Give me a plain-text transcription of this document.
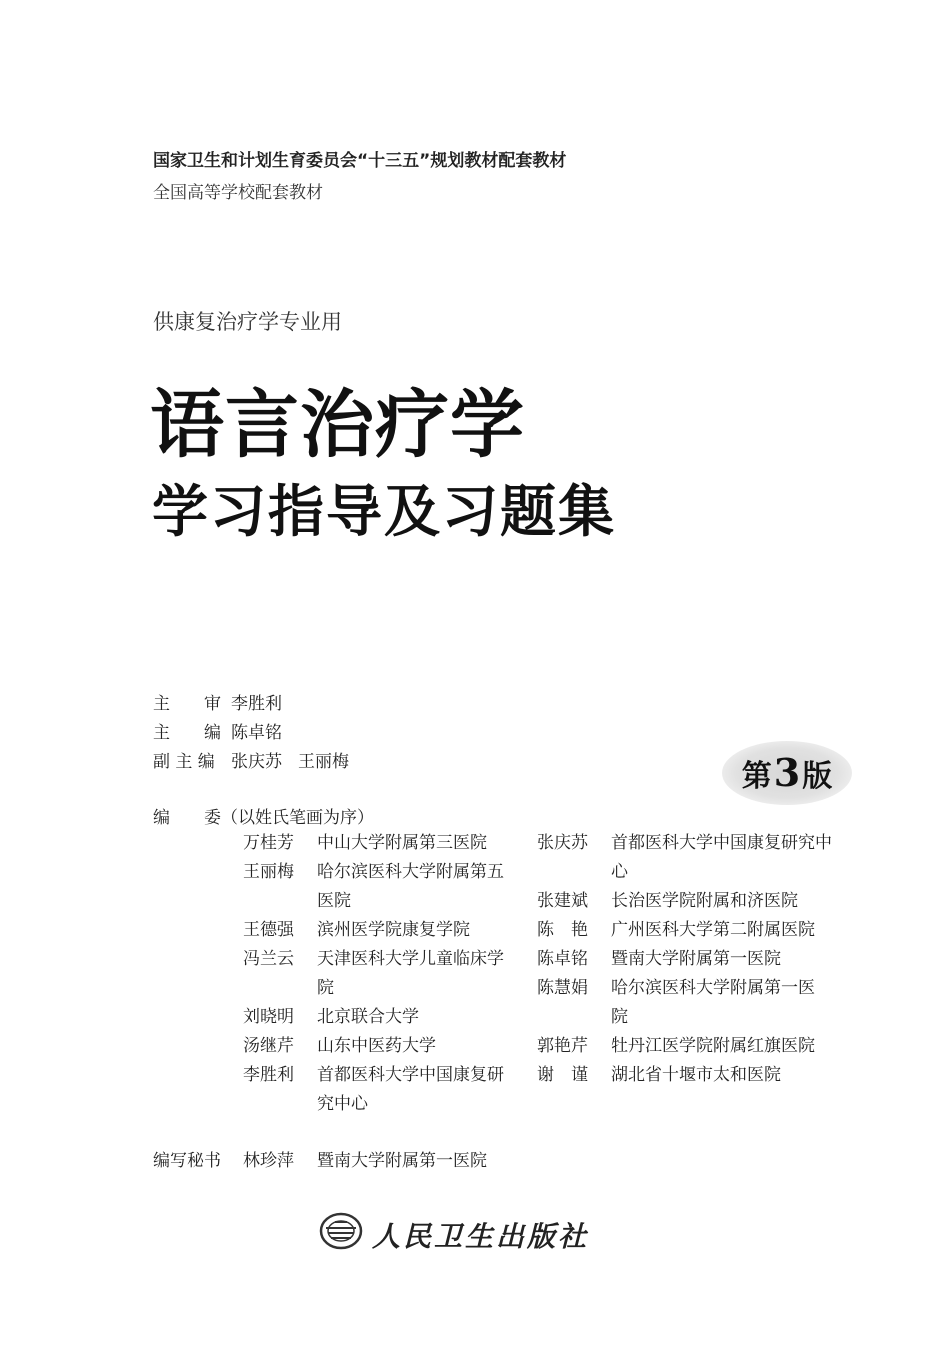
国家卫生和计划生育委员会“十三五”规划教材配套教材
全国高等学校配套教材
供康复治疗学专业用
语言治疗学
学习指导及习题集
主　　审 李胜利
主　　编 陈卓铭
副 主 编 张庆苏 王丽梅	第3版
编　　委（以姓氏笔画为序）
万桂芳	中山大学附属第三医院
王丽梅	哈尔滨医科大学附属第五医院
王德强	滨州医学院康复学院
冯兰云	天津医科大学儿童临床学院
刘晓明	北京联合大学
汤继芹	山东中医药大学
李胜利	首都医科大学中国康复研究中心
张庆苏	首都医科大学中国康复研究中心
张建斌	长治医学院附属和济医院
陈　艳	广州医科大学第二附属医院
陈卓铭	暨南大学附属第一医院
陈慧娟	哈尔滨医科大学附属第一医院
郭艳芹	牡丹江医学院附属红旗医院
谢　谨	湖北省十堰市太和医院
编写秘书 林珍萍 暨南大学附属第一医院
人民卫生出版社
